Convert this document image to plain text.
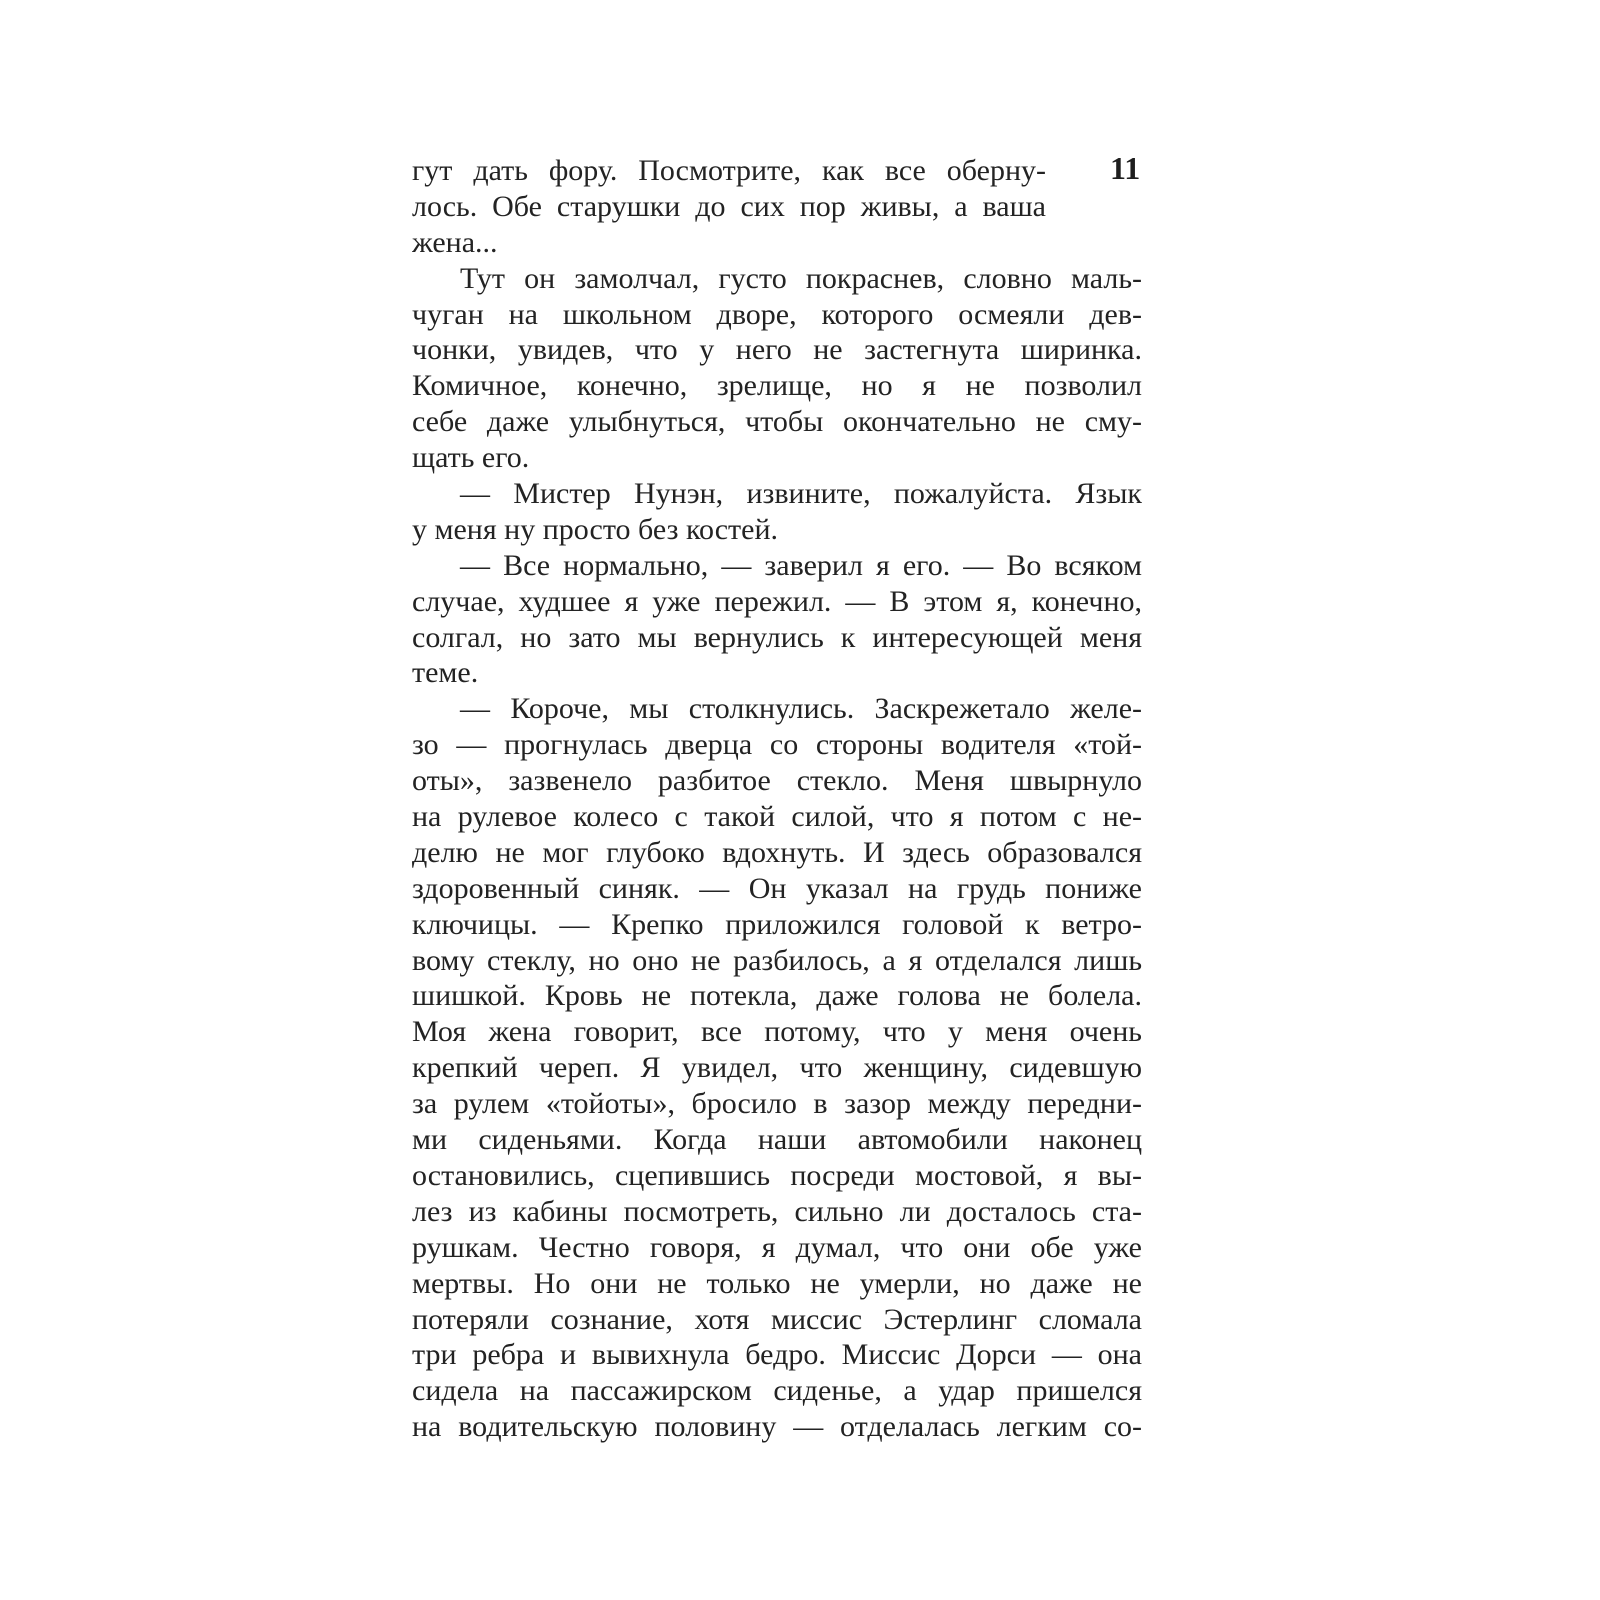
11
гут дать фору. Посмотрите, как все оберну-
лось. Обе старушки до сих пор живы, а ваша
жена...
Тут он замолчал, густо покраснев, словно маль-
чуган на школьном дворе, которого осмеяли дев-
чонки, увидев, что у него не застегнута ширинка.
Комичное, конечно, зрелище, но я не позволил
себе даже улыбнуться, чтобы окончательно не сму-
щать его.
— Мистер Нунэн, извините, пожалуйста. Язык
у меня ну просто без костей.
— Все нормально, — заверил я его. — Во всяком
случае, худшее я уже пережил. — В этом я, конечно,
солгал, но зато мы вернулись к интересующей меня
теме.
— Короче, мы столкнулись. Заскрежетало желе-
зо — прогнулась дверца со стороны водителя «той-
оты», зазвенело разбитое стекло. Меня швырнуло
на рулевое колесо с такой силой, что я потом с не-
делю не мог глубоко вдохнуть. И здесь образовался
здоровенный синяк. — Он указал на грудь пониже
ключицы. — Крепко приложился головой к ветро-
вому стеклу, но оно не разбилось, а я отделался лишь
шишкой. Кровь не потекла, даже голова не болела.
Моя жена говорит, все потому, что у меня очень
крепкий череп. Я увидел, что женщину, сидевшую
за рулем «тойоты», бросило в зазор между передни-
ми сиденьями. Когда наши автомобили наконец
остановились, сцепившись посреди мостовой, я вы-
лез из кабины посмотреть, сильно ли досталось ста-
рушкам. Честно говоря, я думал, что они обе уже
мертвы. Но они не только не умерли, но даже не
потеряли сознание, хотя миссис Эстерлинг сломала
три ребра и вывихнула бедро. Миссис Дорси — она
сидела на пассажирском сиденье, а удар пришелся
на водительскую половину — отделалась легким со-
